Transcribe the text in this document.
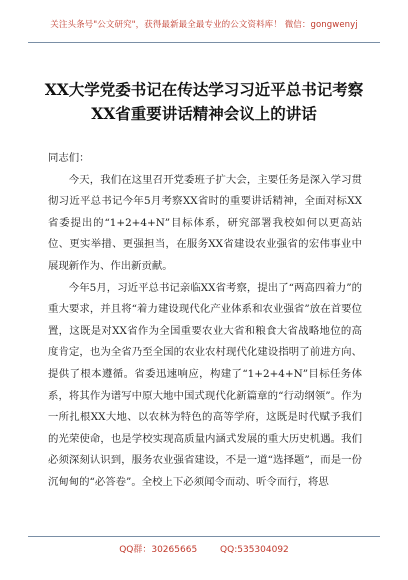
关注头条号"公文研究"，获得最新最全最专业的公文资料库！ 微信：gongwenyj
XX大学党委书记在传达学习习近平总书记考察XX省重要讲话精神会议上的讲话

同志们：

今天，我们在这里召开党委班子扩大会，主要任务是深入学习贯彻习近平总书记今年5月考察XX省时的重要讲话精神，全面对标XX省委提出的“1+2+4+N”目标体系，研究部署我校如何以更高站位、更实举措、更强担当，在服务XX省建设农业强省的宏伟事业中展现新作为、作出新贡献。

今年5月，习近平总书记亲临XX省考察，提出了“两高四着力”的重大要求，并且将“着力建设现代化产业体系和农业强省”放在首要位置，这既是对XX省作为全国重要农业大省和粮食大省战略地位的高度肯定，也为全省乃至全国的农业农村现代化建设指明了前进方向、提供了根本遵循。省委迅速响应，构建了“1+2+4+N”目标任务体系，将其作为谱写中原大地中国式现代化新篇章的“行动纲领”。作为一所扎根XX大地、以农林为特色的高等学府，这既是时代赋予我们的光荣使命，也是学校实现高质量内涵式发展的重大历史机遇。我们必须深刻认识到，服务农业强省建设，不是一道“选择题”，而是一份沉甸甸的“必答卷”。全校上下必须闻令而动、听令而行，将思

QQ群：30265665	QQ:535304092
